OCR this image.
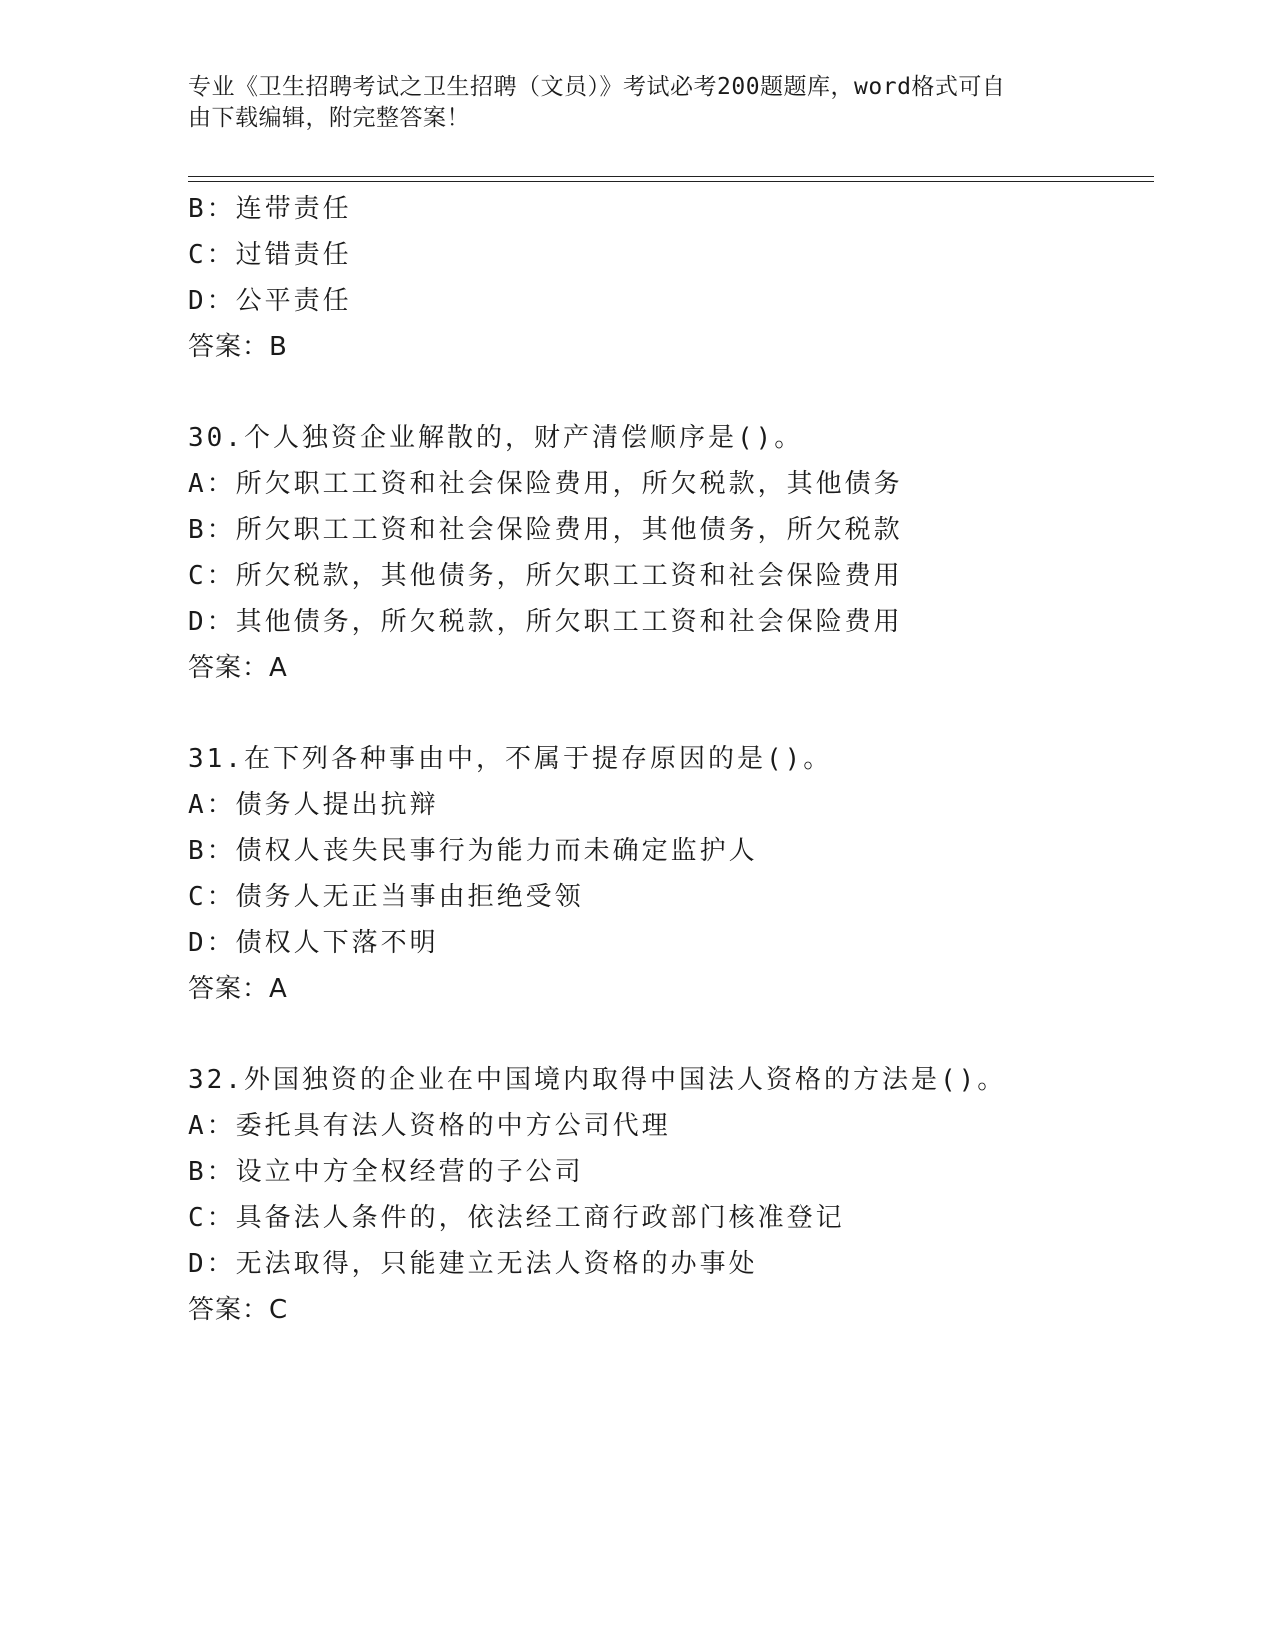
专业《卫生招聘考试之卫生招聘（文员）》考试必考200题题库，word格式可自
由下载编辑，附完整答案！
B：连带责任
C：过错责任
D：公平责任
答案：B
30.个人独资企业解散的，财产清偿顺序是()。
A：所欠职工工资和社会保险费用，所欠税款，其他债务
B：所欠职工工资和社会保险费用，其他债务，所欠税款
C：所欠税款，其他债务，所欠职工工资和社会保险费用
D：其他债务，所欠税款，所欠职工工资和社会保险费用
答案：A
31.在下列各种事由中，不属于提存原因的是()。
A：债务人提出抗辩
B：债权人丧失民事行为能力而未确定监护人
C：债务人无正当事由拒绝受领
D：债权人下落不明
答案：A
32.外国独资的企业在中国境内取得中国法人资格的方法是()。
A：委托具有法人资格的中方公司代理
B：设立中方全权经营的子公司
C：具备法人条件的，依法经工商行政部门核准登记
D：无法取得，只能建立无法人资格的办事处
答案：C
